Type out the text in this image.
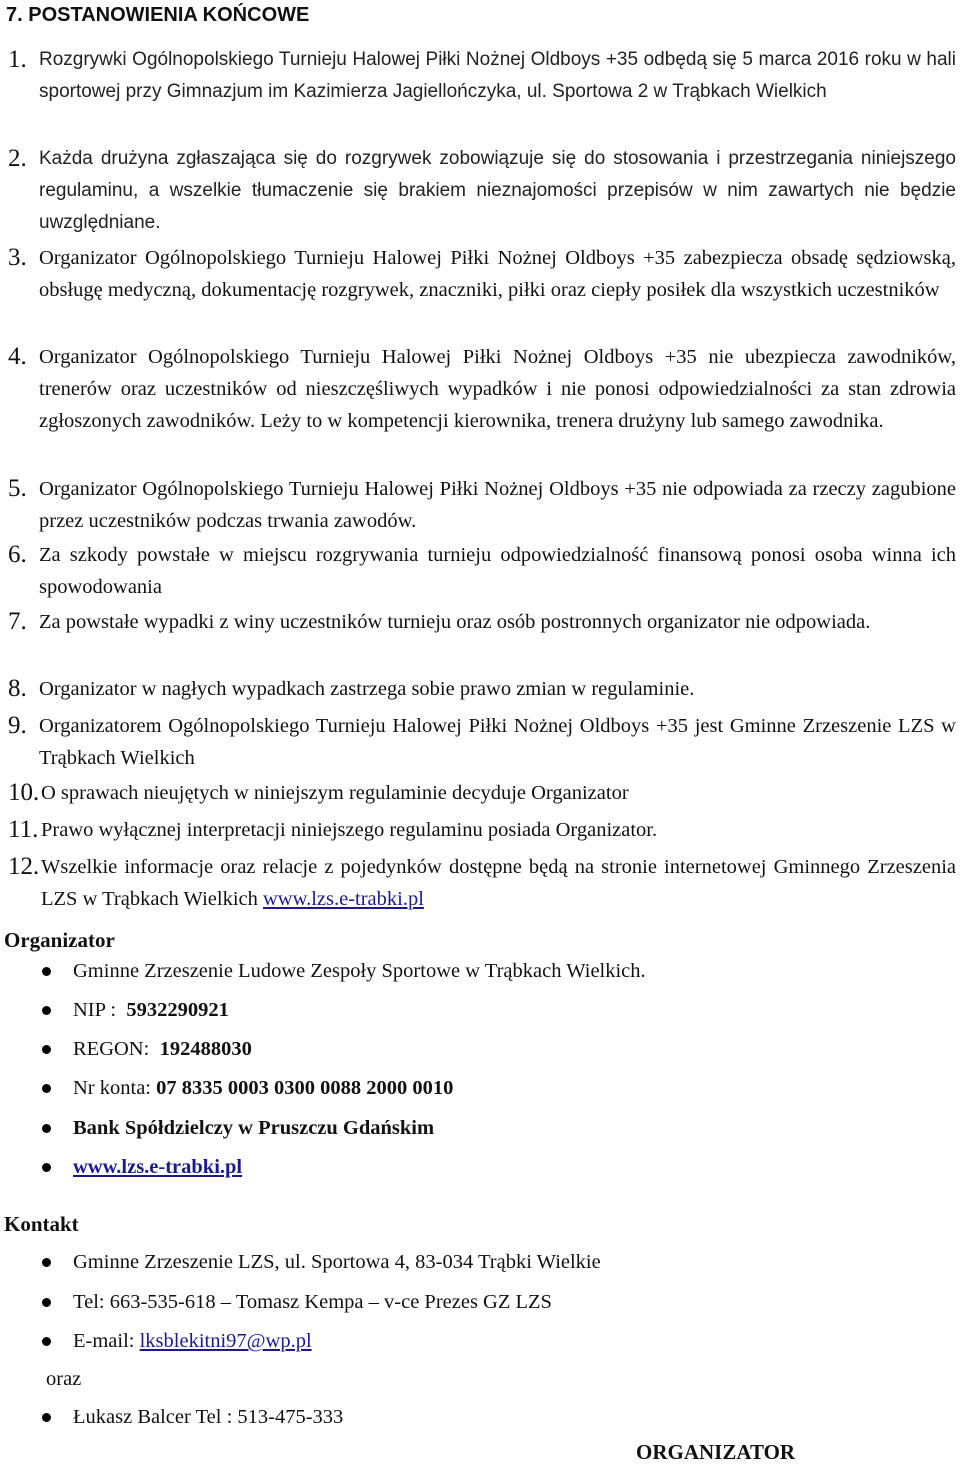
7. POSTANOWIENIA KOŃCOWE
1. Rozgrywki Ogólnopolskiego Turnieju Halowej Piłki Nożnej Oldboys +35 odbędą się 5 marca 2016 roku w hali sportowej przy Gimnazjum im Kazimierza Jagiellończyka, ul. Sportowa 2 w Trąbkach Wielkich
2. Każda drużyna zgłaszająca się do rozgrywek zobowiązuje się do stosowania i przestrzegania niniejszego regulaminu, a wszelkie tłumaczenie się brakiem nieznajomości przepisów w nim zawartych nie będzie uwzględniane.
3. Organizator Ogólnopolskiego Turnieju Halowej Piłki Nożnej Oldboys +35 zabezpiecza obsadę sędziowską, obsługę medyczną, dokumentację rozgrywek, znaczniki, piłki oraz ciepły posiłek dla wszystkich uczestników
4. Organizator Ogólnopolskiego Turnieju Halowej Piłki Nożnej Oldboys +35 nie ubezpiecza zawodników, trenerów oraz uczestników od nieszczęśliwych wypadków i nie ponosi odpowiedzialności za stan zdrowia zgłoszonych zawodników. Leży to w kompetencji kierownika, trenera drużyny lub samego zawodnika.
5. Organizator Ogólnopolskiego Turnieju Halowej Piłki Nożnej Oldboys +35 nie odpowiada za rzeczy zagubione przez uczestników podczas trwania zawodów.
6. Za szkody powstałe w miejscu rozgrywania turnieju odpowiedzialność finansową ponosi osoba winna ich spowodowania
7. Za powstałe wypadki z winy uczestników turnieju oraz osób postronnych organizator nie odpowiada.
8. Organizator w nagłych wypadkach zastrzega sobie prawo zmian w regulaminie.
9. Organizatorem Ogólnopolskiego Turnieju Halowej Piłki Nożnej Oldboys +35 jest Gminne Zrzeszenie LZS w Trąbkach Wielkich
10. O sprawach nieujętych w niniejszym regulaminie decyduje Organizator
11. Prawo wyłącznej interpretacji niniejszego regulaminu posiada Organizator.
12. Wszelkie informacje oraz relacje z pojedynków dostępne będą na stronie internetowej Gminnego Zrzeszenia LZS w Trąbkach Wielkich www.lzs.e-trabki.pl
Organizator
Gminne Zrzeszenie Ludowe Zespoły Sportowe w Trąbkach Wielkich.
NIP :  5932290921
REGON:  192488030
Nr konta: 07 8335 0003 0300 0088 2000 0010
Bank Spółdzielczy w Pruszczu Gdańskim
www.lzs.e-trabki.pl
Kontakt
Gminne Zrzeszenie LZS, ul. Sportowa 4, 83-034 Trąbki Wielkie
Tel: 663-535-618 – Tomasz Kempa – v-ce Prezes GZ LZS
E-mail: lksblekitni97@wp.pl
oraz
Łukasz Balcer Tel : 513-475-333
ORGANIZATOR
